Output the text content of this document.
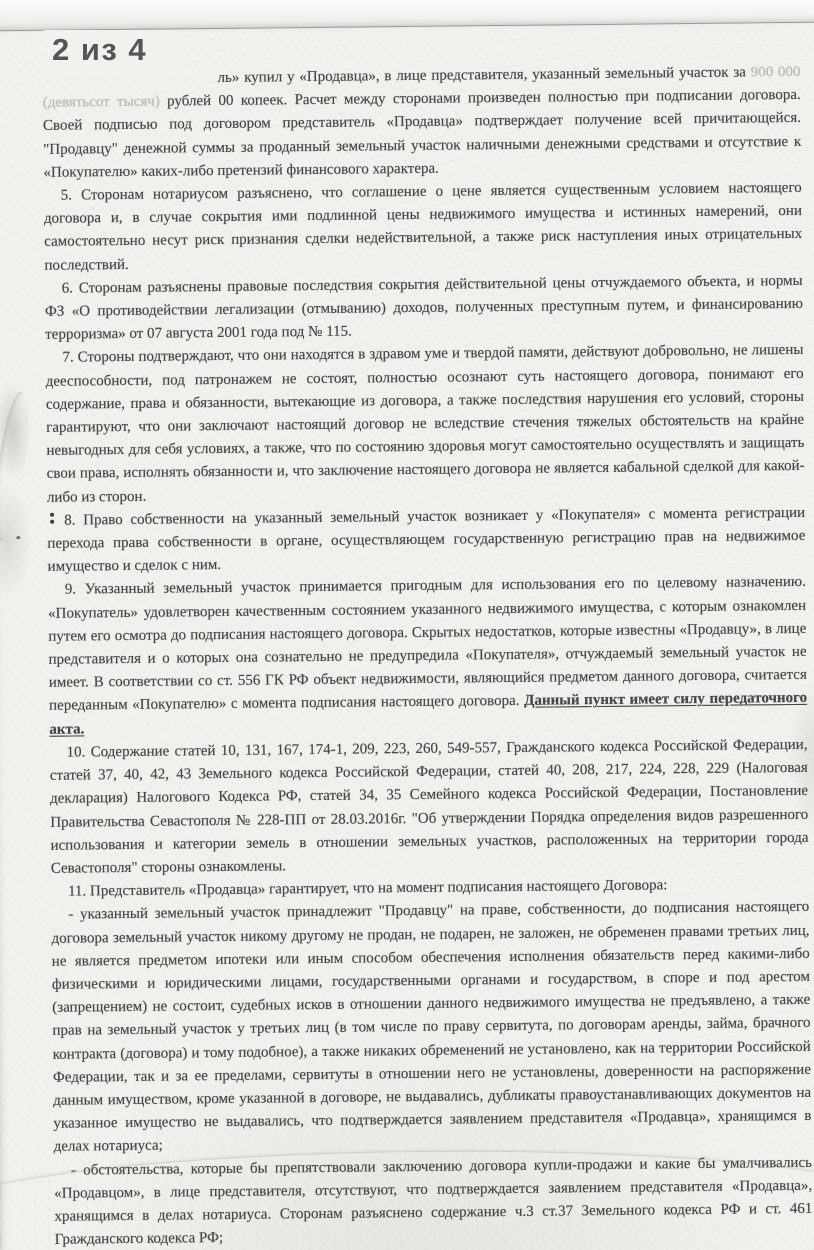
ль» купил у «Продавца», в лице представителя, указанный земельный участок за 900 000 (девятьсот тысяч) рублей 00 копеек. Расчет между сторонами произведен полностью при подписании договора. Своей подписью под договором представитель «Продавца» подтверждает получение всей причитающейся. "Продавцу" денежной суммы за проданный земельный участок наличными денежными средствами и отсутствие к «Покупателю» каких-либо претензий финансового характера.

5. Сторонам нотариусом разъяснено, что соглашение о цене является существенным условием настоящего договора и, в случае сокрытия ими подлинной цены недвижимого имущества и истинных намерений, они самостоятельно несут риск признания сделки недействительной, а также риск наступления иных отрицательных последствий.

6. Сторонам разъяснены правовые последствия сокрытия действительной цены отчуждаемого объекта, и нормы ФЗ «О противодействии легализации (отмыванию) доходов, полученных преступным путем, и финансированию терроризма» от 07 августа 2001 года под № 115.

7. Стороны подтверждают, что они находятся в здравом уме и твердой памяти, действуют добровольно, не лишены дееспособности, под патронажем не состоят, полностью осознают суть настоящего договора, понимают его содержание, права и обязанности, вытекающие из договора, а также последствия нарушения его условий, стороны гарантируют, что они заключают настоящий договор не вследствие стечения тяжелых обстоятельств на крайне невыгодных для себя условиях, а также, что по состоянию здоровья могут самостоятельно осуществлять и защищать свои права, исполнять обязанности и, что заключение настоящего договора не является кабальной сделкой для какой-либо из сторон.

8. Право собственности на указанный земельный участок возникает у «Покупателя» с момента регистрации перехода права собственности в органе, осуществляющем государственную регистрацию прав на недвижимое имущество и сделок с ним.

9. Указанный земельный участок принимается пригодным для использования его по целевому назначению. «Покупатель» удовлетворен качественным состоянием указанного недвижимого имущества, с которым ознакомлен путем его осмотра до подписания настоящего договора. Скрытых недостатков, которые известны «Продавцу», в лице представителя и о которых она сознательно не предупредила «Покупателя», отчуждаемый земельный участок не имеет. В соответствии со ст. 556 ГК РФ объект недвижимости, являющийся предметом данного договора, считается переданным «Покупателю» с момента подписания настоящего договора. Данный пункт имеет силу передаточного акта.

10. Содержание статей 10, 131, 167, 174-1, 209, 223, 260, 549-557, Гражданского кодекса Российской Федерации, статей 37, 40, 42, 43 Земельного кодекса Российской Федерации, статей 40, 208, 217, 224, 228, 229 (Налоговая декларация) Налогового Кодекса РФ, статей 34, 35 Семейного кодекса Российской Федерации, Постановление Правительства Севастополя № 228-ПП от 28.03.2016г. "Об утверждении Порядка определения видов разрешенного использования и категории земель в отношении земельных участков, расположенных на территории города Севастополя" стороны ознакомлены.

11. Представитель «Продавца» гарантирует, что на момент подписания настоящего Договора:

- указанный земельный участок принадлежит "Продавцу" на праве, собственности, до подписания настоящего договора земельный участок никому другому не продан, не подарен, не заложен, не обременен правами третьих лиц, не является предметом ипотеки или иным способом обеспечения исполнения обязательств перед какими-либо физическими и юридическими лицами, государственными органами и государством, в споре и под арестом (запрещением) не состоит, судебных исков в отношении данного недвижимого имущества не предъявлено, а также прав на земельный участок у третьих лиц (в том числе по праву сервитута, по договорам аренды, займа, брачного контракта (договора) и тому подобное), а также никаких обременений не установлено, как на территории Российской Федерации, так и за ее пределами, сервитуты в отношении него не установлены, доверенности на распоряжение данным имуществом, кроме указанной в договоре, не выдавались, дубликаты правоустанавливающих документов на указанное имущество не выдавались, что подтверждается заявлением представителя «Продавца», хранящимся в делах нотариуса;

- обстоятельства, которые бы препятствовали заключению договора купли-продажи и какие бы умалчивались «Продавцом», в лице представителя, отсутствуют, что подтверждается заявлением представителя «Продавца», хранящимся в делах нотариуса. Сторонам разъяснено содержание ч.3 ст.37 Земельного кодекса РФ и ст. 461 Гражданского кодекса РФ;

2 из 4
